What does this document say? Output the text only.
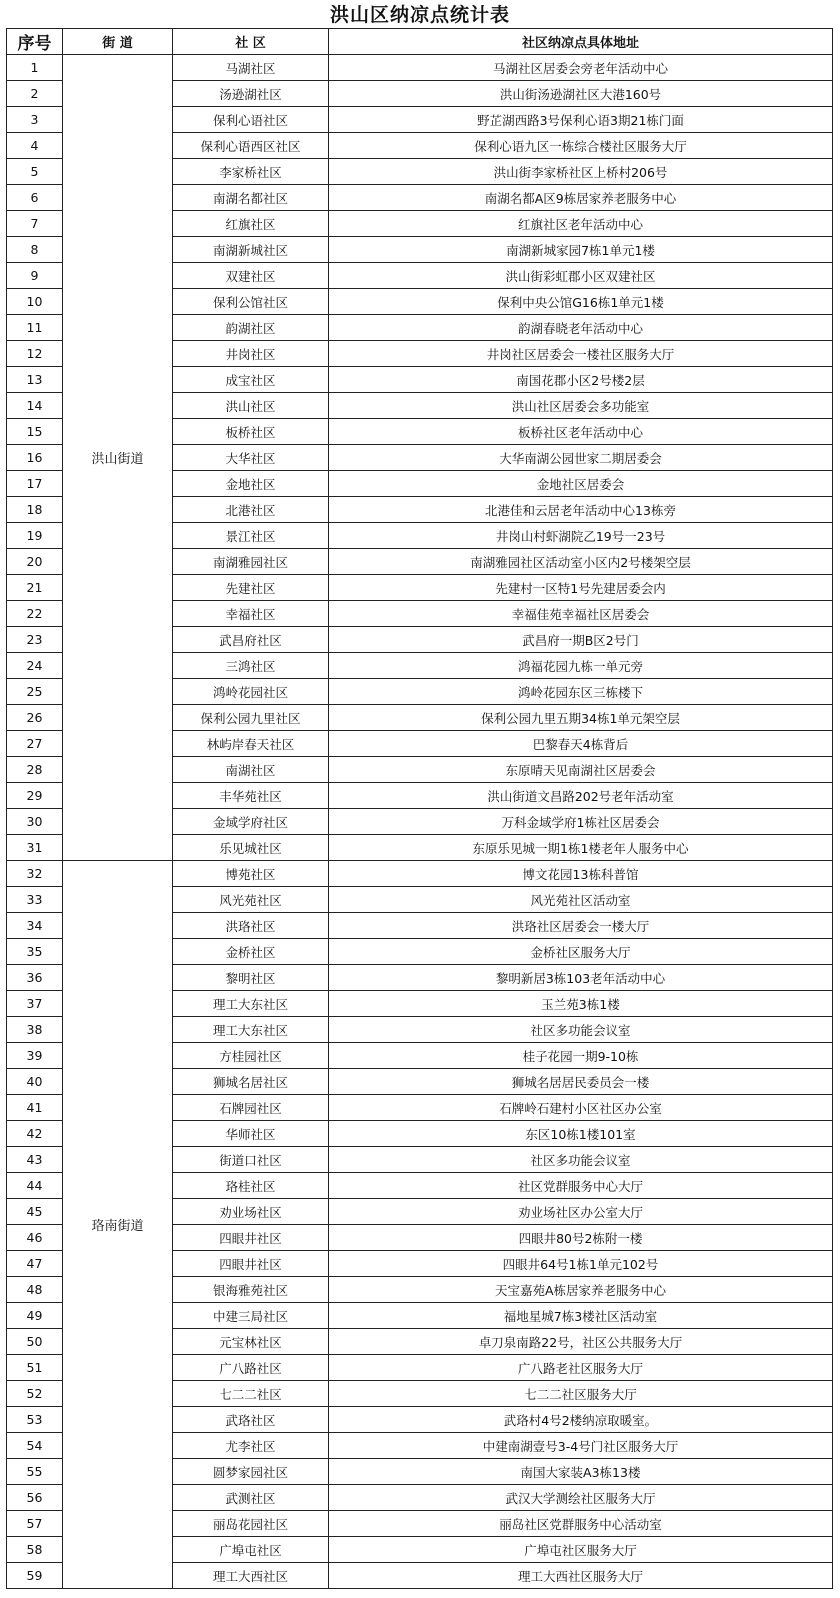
洪山区纳凉点统计表
序号	街 道	社 区	社区纳凉点具体地址
1	洪山街道	马湖社区	马湖社区居委会旁老年活动中心
2		汤逊湖社区	洪山街汤逊湖社区大港160号
3		保利心语社区	野芷湖西路3号保利心语3期21栋门面
4		保利心语西区社区	保利心语九区一栋综合楼社区服务大厅
5		李家桥社区	洪山街李家桥社区上桥村206号
6		南湖名都社区	南湖名都A区9栋居家养老服务中心
7		红旗社区	红旗社区老年活动中心
8		南湖新城社区	南湖新城家园7栋1单元1楼
9		双建社区	洪山街彩虹郡小区双建社区
10		保利公馆社区	保利中央公馆G16栋1单元1楼
11		韵湖社区	韵湖春晓老年活动中心
12		井岗社区	井岗社区居委会一楼社区服务大厅
13		成宝社区	南国花郡小区2号楼2层
14		洪山社区	洪山社区居委会多功能室
15		板桥社区	板桥社区老年活动中心
16		大华社区	大华南湖公园世家二期居委会
17		金地社区	金地社区居委会
18		北港社区	北港佳和云居老年活动中心13栋旁
19		景江社区	井岗山村虾湖院乙19号一23号
20		南湖雅园社区	南湖雅园社区活动室小区内2号楼架空层
21		先建社区	先建村一区特1号先建居委会内
22		幸福社区	幸福佳苑幸福社区居委会
23		武昌府社区	武昌府一期B区2号门
24		三鸿社区	鸿福花园九栋一单元旁
25		鸿岭花园社区	鸿岭花园东区三栋楼下
26		保利公园九里社区	保利公园九里五期34栋1单元架空层
27		林屿岸春天社区	巴黎春天4栋背后
28		南湖社区	东原晴天见南湖社区居委会
29		丰华苑社区	洪山街道文昌路202号老年活动室
30		金域学府社区	万科金域学府1栋社区居委会
31		乐见城社区	东原乐见城一期1栋1楼老年人服务中心
32	珞南街道	博苑社区	博文花园13栋科普馆
33		风光苑社区	风光苑社区活动室
34		洪珞社区	洪珞社区居委会一楼大厅
35		金桥社区	金桥社区服务大厅
36		黎明社区	黎明新居3栋103老年活动中心
37		理工大东社区	玉兰苑3栋1楼
38		理工大东社区	社区多功能会议室
39		方桂园社区	桂子花园一期9-10栋
40		狮城名居社区	狮城名居居民委员会一楼
41		石牌园社区	石牌岭石建村小区社区办公室
42		华师社区	东区10栋1楼101室
43		街道口社区	社区多功能会议室
44		珞桂社区	社区党群服务中心大厅
45		劝业场社区	劝业场社区办公室大厅
46		四眼井社区	四眼井80号2栋附一楼
47		四眼井社区	四眼井64号1栋1单元102号
48		银海雅苑社区	天宝嘉苑A栋居家养老服务中心
49		中建三局社区	福地星城7栋3楼社区活动室
50		元宝林社区	卓刀泉南路22号，社区公共服务大厅
51		广八路社区	广八路老社区服务大厅
52		七二二社区	七二二社区服务大厅
53		武珞社区	武珞村4号2楼纳凉取暖室。
54		尤李社区	中建南湖壹号3-4号门社区服务大厅
55		圆梦家园社区	南国大家装A3栋13楼
56		武测社区	武汉大学测绘社区服务大厅
57		丽岛花园社区	丽岛社区党群服务中心活动室
58		广埠屯社区	广埠屯社区服务大厅
59		理工大西社区	理工大西社区服务大厅
